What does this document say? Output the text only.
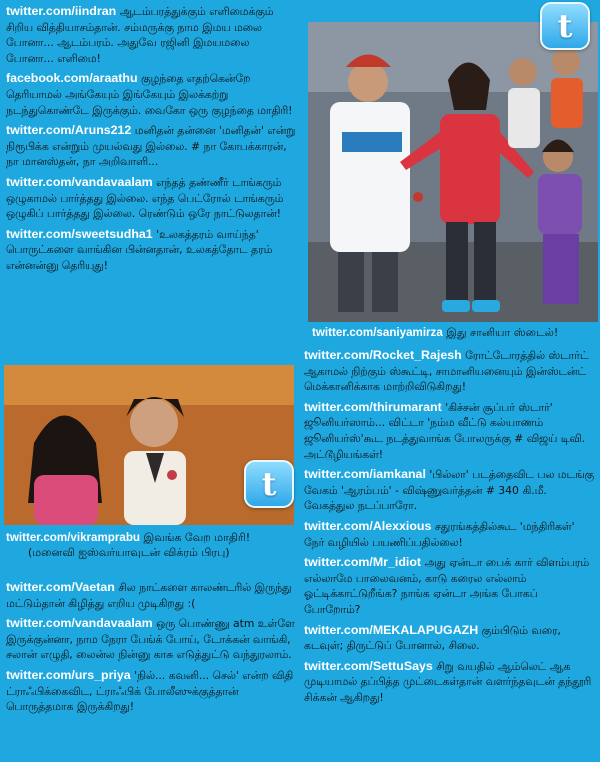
twitter.com/iindran ஆடம்பரத்துக்கும் எளிமைக்கும் சிறிய வித்தியாசம்தான். சம்மருக்கு நாம இமய மலை போனா... ஆடம்பரம். அதுவே ரஜினி இமயமலை போனா... எளிமை!

facebook.com/araathu குழந்தை எதற்கென்றே தெரியாமல் அங்கேயும் இங்கேயும் இலக்கற்று நடந்துகொண்டே இருக்கும். வைகோ ஒரு குழந்தை மாதிரி!

twitter.com/Aruns212 மனிதன் தன்னை 'மனிதன்' என்று நிரூபிக்க என்றும் முயல்வது இல்லை. # நா கோபக்காரன், நா மானஸ்தன், நா அறிவாளி...

twitter.com/vandavaalam எந்தத் தண்ணீர் டாங்கரும் ஒழுகாமல் பார்த்தது இல்லை. எந்த பெட்ரோல் டாங்கரும் ஒழுகிப் பார்த்தது இல்லை. ரெண்டும் ஒரே நாட்டுலதான்!

twitter.com/sweetsudha1 'உலகத்தரம் வாய்ந்த' பொருட்களை வாங்கின பின்னதான், உலகத்தோட தரம் என்னன்னு தெரியுது!

twitter.com/saniyamirza இது சானியா ஸ்டைல்!
t

twitter.com/Rocket_Rajesh ரோட்டோரத்தில் ஸ்டார்ட் ஆகாமல் நிற்கும் ஸ்கூட்டி, சாமானியனையும் இன்ஸ்டன்ட் மெக்கானிக்காக மாற்றிவிடுகிறது!

twitter.com/thirumarant 'கிச்சன் சூப்பர் ஸ்டார்' ஜூனியர்ஸாம்... விட்டா 'நம்ம வீட்டு கல்யாணம் ஜூனியர்ஸ்'கூட நடத்துவாங்க போலருக்கு # விஜய் டிவி. அட்டூழியங்கள்!

twitter.com/iamkanal 'பில்லா' படத்தைவிட பல மடங்கு வேகம் 'ஆரம்பம்' - விஷ்ணுவர்த்தன் # 340 கி.மீ. வேகத்துல நடப்பாரோ.

twitter.com/Alexxious சதுரங்கத்தில்கூட 'மந்திரிகள்' நேர் வழியில் பயணிப்பதில்லை!

twitter.com/Mr_idiot அது ஏன்டா பைக் கார் விளம்பரம் எல்லாமே பாலைவனம், காடு கரைல எல்லாம் ஓட்டிக்காட்டுறீங்க? நாங்க ஏன்டா அங்க போகப் போறோம்?

twitter.com/MEKALAPUGAZH கும்பிடும் வரை, கடவுள்; திருட்டுப் போனால், சிலை.

twitter.com/SettuSays சிறு வயதில் ஆம்லெட் ஆக முடியாமல் தப்பித்த முட்டைகள்தான் வளர்ந்தவுடன் தந்தூரி சிக்கன் ஆகிறது!

t
twitter.com/vikramprabu இவங்க வேற மாதிரி!
(மனைவி ஐஸ்வர்யாவுடன் விக்ரம் பிரபு)

twitter.com/Vaetan சில நாட்களை காலண்டரில் இருந்து மட்டும்தான் கிழித்து எறிய முடிகிறது :(

twitter.com/vandavaalam ஒரு பொண்ணு atm உள்ளே இருக்குன்னா, நாம நேரா பேங்க் போய், டோக்கன் வாங்கி, சலான் எழுதி, லைன்ல நின்னு காசு எடுத்துட்டு வந்துரலாம்.

twitter.com/urs_priya 'நில்... கவனி... செல்' என்ற விதி ட்ராஃபிக்கைவிட, ட்ராஃபிக் போலீஸுக்குத்தான் பொருத்தமாக இருக்கிறது!
